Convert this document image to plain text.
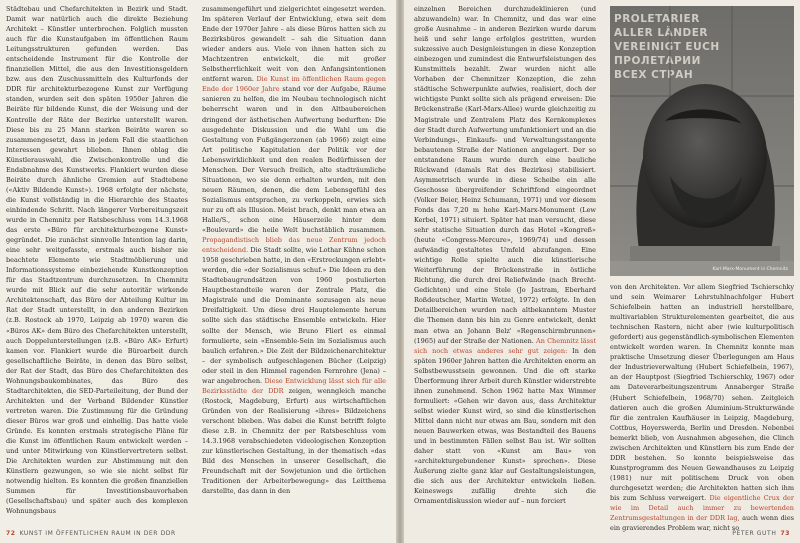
Städtebau und Chefarchitekten in Bezirk und Stadt. Damit war natürlich auch die direkte Beziehung Architekt – Künstler unterbrochen. Folglich mussten auch für die Kunstaufgaben im öffentlichen Raum Leitungsstrukturen gefunden werden. Das entscheidende Instrument für die Kontrolle der finanziellen Mittel, die aus den Investitionsgeldern bzw. aus den Zuschussmitteln des Kulturfonds der DDR für architekturbezogene Kunst zur Verfügung standen, wurden seit den späten 1950er Jahren die Beiräte für bildende Kunst, die der Weisung und der Kontrolle der Räte der Bezirke unterstellt waren. Diese bis zu 25 Mann starken Beiräte waren so zusammengesetzt, dass in jedem Fall die staatlichen Interessen gewahrt blieben. Ihnen oblag die Künstlerauswahl, die Zwischenkontrolle und die Endabnahme des Kunstwerks. Flankiert wurden diese Beiräte durch ähnliche Gremien auf Stadtebene («Aktiv Bildende Kunst»). 1968 erfolgte der nächste, die Kunst vollständig in die Hierarchie des Staates einbindende Schritt. Nach längerer Vorbereitungszeit wurde in Chemnitz per Ratsbeschluss vom 14.3.1968 das erste «Büro für architekturbezogene Kunst» gegründet. Die zunächst sinnvolle Intention lag darin, eine sehr weitgefasste, erstmals auch bisher nie beachtete Elemente wie Stadtmöblierung und Informationssysteme einbeziehende Kunstkonzeption für das Stadtzentrum durchzusetzen. In Chemnitz wurde mit Blick auf die sehr autoritär wirkende Architektenschaft, das Büro der Abteilung Kultur im Rat der Stadt unterstellt, in den anderen Bezirken (z.B. Rostock ab 1970, Leipzig ab 1970) waren die «Büros AK» dem Büro des Chefarchitekten unterstellt, auch Doppelunterstellungen (z.B. «Büro AK» Erfurt) kamen vor. Flankiert wurde die Büroarbeit durch gesellschaftliche Beiräte, in denen das Büro selbst, der Rat der Stadt, das Büro des Chefarchitekten des Wohnungsbaukombinates, das Büro des Stadtarchitekten, die SED-Parteileitung, der Bund der Architekten und der Verband Bildender Künstler vertreten waren. Die Zustimmung für die Gründung dieser Büros war groß und einhellig. Das hatte viele Gründe. Es konnten erstmals strategische Pläne für die Kunst im öffentlichen Raum entwickelt werden – und unter Mitwirkung von Künstlervertretern selbst. Die Architekten wurden zur Abstimmung mit den Künstlern gezwungen, so wie sie nicht selbst für notwendig hielten. Es konnten die großen finanziellen Summen für Investitionsbauvorhaben (Gesellschaftsbau) und später auch des komplexen Wohnungsbaus

zusammengeführt und zielgerichtet eingesetzt werden. Im späteren Verlauf der Entwicklung, etwa seit dem Ende der 1970er Jahre – als diese Büros hatten sich zu Bezirksbüros gewandelt – sah die Situation dann wieder anders aus. Viele von ihnen hatten sich zu Machtzentren entwickelt, die mit großer Selbstherrlichkeit weit von den Anfangsintentionen entfernt waren. Die Kunst im öffentlichen Raum gegen Ende der 1960er Jahre stand vor der Aufgabe, Räume sanieren zu helfen, die im Neubau technologisch nicht beherrscht waren und in den Altbaubereichen dringend der ästhetischen Aufwertung bedurften: Die ausgedehnte Diskussion und die Wahl um die Gestaltung von Fußgängerzonen (ab 1966) zeigt eine Art politische Kapitulation der Politik vor der Lebenswirklichkeit und den realen Bedürfnissen der Menschen. Der Versuch freilich, alte stadträumliche Situationen, wo sie denn erhalten wurden, mit den neuen Räumen, denen, die dem Lebensgefühl des Sozialismus entsprachen, zu verkoppeln, erwies sich nur zu oft als Illusion. Meist brach, denkt man etwa an Halle/S., schon eine Häuserzeile hinter dem «Boulevard» die heile Welt buchstäblich zusammen. Propagandistisch blieb das neue Zentrum jedoch entscheidend. Die Stadt sollte, wie Lothar Kühne schon 1958 geschrieben hatte, in den «Erstreckungen erlebt» werden, die «der Sozialismus schuf.» Die Ideen zu den Stadtebaugrundsätzen von 1960 postulierten Hauptbestandteile waren der Zentrale Platz, die Magistrale und die Dominante sozusagen als neue Dreifaltigkeit. Um diese drei Hauptelemente herum sollte sich das städtische Ensemble entwickeln. Hier sollte der Mensch, wie Bruno Flierl es einmal formulierte, sein «Ensemble-Sein im Sozialismus auch baulich erfahren.» Die Zeit der Bildzeichenarchitektur – der symbolisch aufgeschlagenen Bücher (Leipzig) oder steil in den Himmel ragenden Fernrohre (Jena) – war angebrochen. Diese Entwicklung lässt sich für alle Bezirksstädte der DDR zeigen, wenngleich manche (Rostock, Magdeburg, Erfurt) aus wirtschaftlichen Gründen von der Realisierung «ihres» Bildzeichens verschont blieben. Was dabei die Kunst betrifft folgte diese z.B. in Chemnitz der per Ratsbeschluss vom 14.3.1968 verabschiedeten videologischen Konzeption zur künstlerischen Gestaltung, in der thematisch «das Bild des Menschen in unserer Gesellschaft, die Freundschaft mit der Sowjetunion und die örtlichen Traditionen der Arbeiterbewegung» das Leitthema darstellte, das dann in den

72 KUNST IM ÖFFENTLICHEN RAUM IN DER DDR

einzelnen Bereichen durchzudeklinieren (und abzuwandeln) war. In Chemnitz, und das war eine große Ausnahme – in anderen Bezirken wurde darum heiß und sehr lange erfolglos gestritten, wurden sukzessive auch Designleistungen in diese Konzeption einbezogen und zumindest die Entwurfsleistungen des Kunstmittels bezahlt. Zwar wurden nicht alle Vorhaben der Chemnitzer Konzeption, die zehn städtische Schwerpunkte aufwies, realisiert, doch der wichtigste Punkt sollte sich als prägend erweisen: Die Brückenstraße (Karl-Marx-Allee) wurde gleichzeitig zu Magistrale und Zentralem Platz des Kernkomplexes der Stadt durch Aufwertung umfunktioniert und an die Verbindungs-, Einkaufs- und Verwaltungsstangente bebautenen Straße der Nationen angelagert. Der so entstandene Raum wurde durch eine bauliche Rückwand (damals Rat des Bezirkes) stabilisiert. Asymmetrisch wurde in diese Scheibe ein alle Geschosse übergreifender Schriftfond eingeordnet (Volker Beier, Heinz Schumann, 1971) und vor diesem Fonds das 7,20 m hohe Karl-Marx-Monument (Lew Kerbel, 1971) situiert. Später hat man versucht, diese sehr statische Situation durch das Hotel «Kongreß» (heute «Congress-Mercure», 1969/74) und dessen aufwändig gestaltetes Umfeld abzufangen. Eine wichtige Rolle spielte auch die künstlerische Weiterführung der Brückenstraße in östliche Richtung, die durch drei Reliefwände (nach Brecht-Gedichten) und eine Stele (Jo Jastram, Eberhard Roßdeutscher, Martin Wetzel, 1972) erfolgte. In den Detailbereichen wurden nach altbekanntem Muster die Themen dann bis hin zu Genre entwickelt, denkt man etwa an Johann Belz' «Regenschirmbrunnen» (1965) auf der Straße der Nationen. An Chemnitz lässt sich noch etwas anderes sehr gut zeigen: In den späten 1960er Jahren hatten die Architekten enorm an Selbstbewusstsein gewonnen. Und die oft starke Überformung ihrer Arbeit durch Künstler widerstrebte ihnen zunehmend. Schon 1962 hatte Max Wimmer formuliert: «Gehen wir davon aus, dass Architektur selbst wieder Kunst wird, so sind die künstlerischen Mittel dann nicht nur etwas am Bau, sondern mit den neuen Bauwerken etwas, was Bestandteil des Bauens und in bestimmten Fällen selbst Bau ist. Wir sollten daher statt von «Kunst am Bau» von «architekturgebundener Kunst» sprechen». Diese Äußerung zielte ganz klar auf Gestaltungsleistungen, die sich aus der Architektur entwickeln ließen. Keineswegs zufällig drehte sich die Ornamentdiskussion wieder auf – nun forciert

PROLETARIER
ALLER LÄNDER
VEREINIGT EUCH
ПРОЛЕТАРИИ
ВСЕХ СТРАН
Karl-Marx-Monument in Chemnitz

von den Architekten. Vor allem Siegfried Tschierschky und sein Weimarer Lehrstuhlnachfolger Hubert Schiefelbein hatten an industriell herstellbare, multivariablen Strukturelementen gearbeitet, die aus technischen Rastern, nicht aber (wie kulturpolitisch gefordert) aus gegenständlich-symbolischen Elementen entwickelt worden waren. In Chemnitz konnte man praktische Umsetzung dieser Überlegungen am Haus der Industrieverwaltung (Hubert Schiefelbein, 1967), an der Hauptpost (Siegfried Tschierschky, 1967) oder am Dateverarbeitungszentrum Annaberger Straße (Hubert Schiefelbein, 1968/70) sehen. Zeitgleich datieren auch die großen Aluminium-Strukturwände für die zentralen Kaufhäuser in Leipzig, Magdeburg, Cottbus, Hoyerswerda, Berlin und Dresden. Nebenbei bemerkt blieb, von Ausnahmen abgesehen, die Clinch zwischen Architekten und Künstlern bis zum Ende der DDR bestehen. So konnte beispielsweise das Kunstprogramm des Neuen Gewandhauses zu Leipzig (1981) nur mit politischem Druck von oben durchgesetzt werden; die Architekten hatten sich ihm bis zum Schluss verweigert. Die eigentliche Crux der wie im Detail auch immer zu bewertenden Zentrumsgestaltungen in der DDR lag, auch wenn dies ein gravierendes Problem war, nicht so

PETER GUTH 73
